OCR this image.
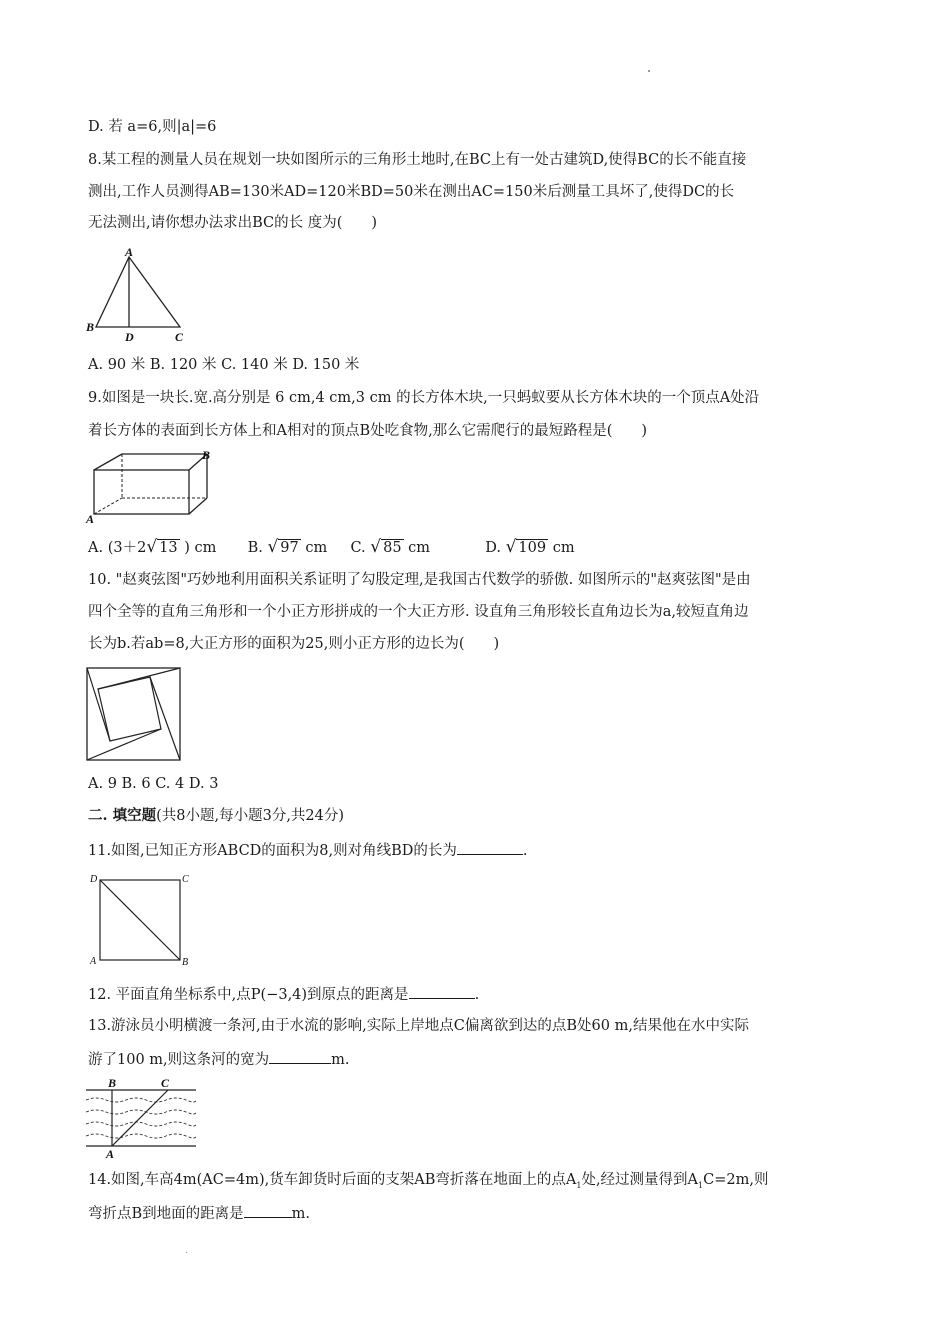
D. 若 a=6,则|a|=6
8.某工程的测量人员在规划一块如图所示的三角形土地时,在BC上有一处古建筑D,使得BC的长不能直接
测出,工作人员测得AB=130米AD=120米BD=50米在测出AC=150米后测量工具坏了,使得DC的长
无法测出,请你想办法求出BC的长 度为(　　)
A
B
D	C
A. 90 米 B. 120 米 C. 140 米 D. 150 米
9.如图是一块长.宽.高分别是 6 cm,4 cm,3 cm 的长方体木块,一只蚂蚁要从长方体木块的一个顶点A处沿
着长方体的表面到长方体上和A相对的顶点B处吃食物,那么它需爬行的最短路程是(　　)
B
A
A. (3＋2√ 13 ) cm B. √ 97 cm C. √ 85 cm	D. √ 109 cm
10. "赵爽弦图"巧妙地利用面积关系证明了勾股定理,是我国古代数学的骄傲. 如图所示的"赵爽弦图"是由
四个全等的直角三角形和一个小正方形拼成的一个大正方形. 设直角三角形较长直角边长为a,较短直角边
长为b.若ab=8,大正方形的面积为25,则小正方形的边长为(　　)
A. 9 B. 6 C. 4 D. 3
二. 填空题(共8小题,每小题3分,共24分)
11.如图,已知正方形ABCD的面积为8,则对角线BD的长为	.
D	C
A	B
12. 平面直角坐标系中,点P(−3,4)到原点的距离是	.
13.游泳员小明横渡一条河,由于水流的影响,实际上岸地点C偏离欲到达的点B处60 m,结果他在水中实际
游了100 m,则这条河的宽为	m.
B	C
A
14.如图,车高4m(AC=4m),货车卸货时后面的支架AB弯折落在地面上的点$A_1$处,经过测量得到$A_1C=2m$,则
弯折点B到地面的距离是	m.
